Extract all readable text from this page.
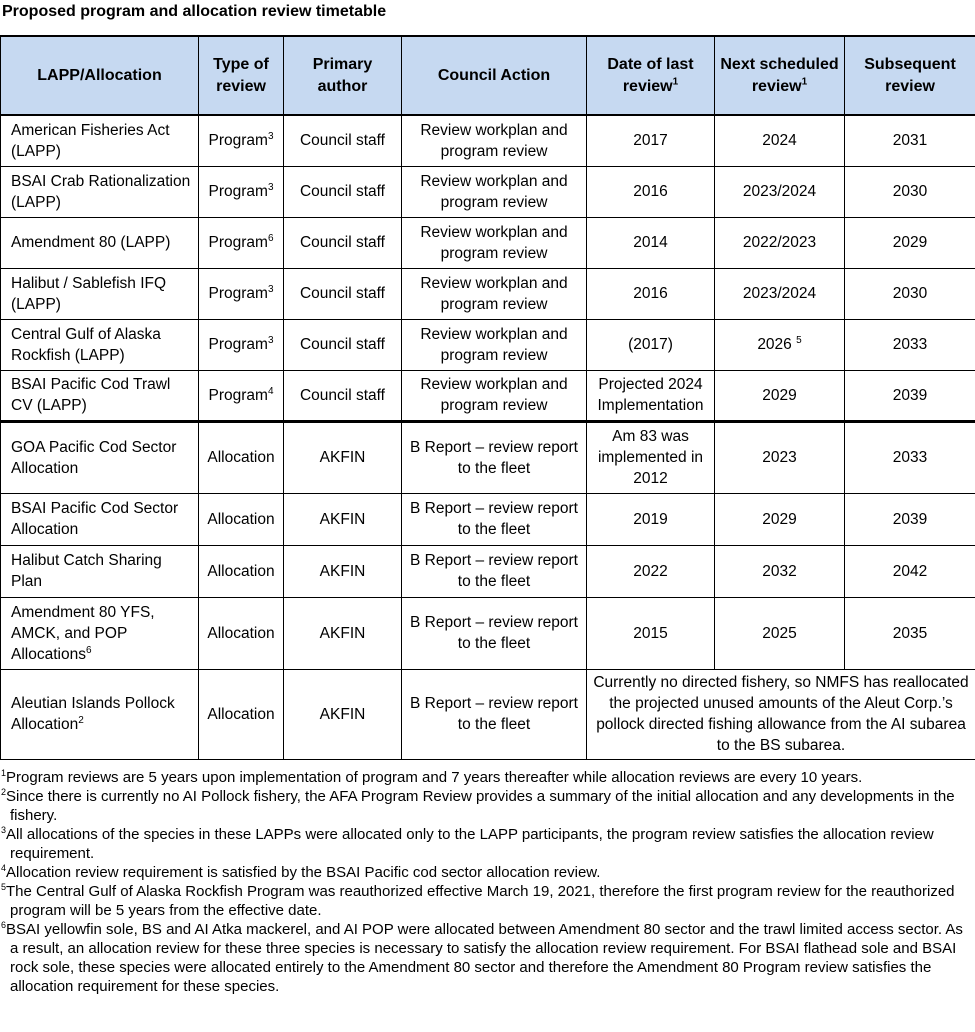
Proposed program and allocation review timetable
LAPP/Allocation	Type of review	Primary author	Council Action	Date of last review$^1$	Next scheduled review$^1$	Subsequent review
American Fisheries Act (LAPP)	Program$^3$	Council staff	Review workplan and program review	2017	2024	2031
BSAI Crab Rationalization (LAPP)	Program$^3$	Council staff	Review workplan and program review	2016	2023/2024	2030
Amendment 80 (LAPP)	Program$^6$	Council staff	Review workplan and program review	2014	2022/2023	2029
Halibut / Sablefish IFQ (LAPP)	Program$^3$	Council staff	Review workplan and program review	2016	2023/2024	2030
Central Gulf of Alaska Rockfish (LAPP)	Program$^3$	Council staff	Review workplan and program review	(2017)	2026 $^5$	2033
BSAI Pacific Cod Trawl CV (LAPP)	Program$^4$	Council staff	Review workplan and program review	Projected 2024 Implementation	2029	2039
GOA Pacific Cod Sector Allocation	Allocation	AKFIN	B Report – review report to the fleet	Am 83 was implemented in 2012	2023	2033
BSAI Pacific Cod Sector Allocation	Allocation	AKFIN	B Report – review report to the fleet	2019	2029	2039
Halibut Catch Sharing Plan	Allocation	AKFIN	B Report – review report to the fleet	2022	2032	2042
Amendment 80 YFS, AMCK, and POP Allocations$^6$	Allocation	AKFIN	B Report – review report to the fleet	2015	2025	2035
Aleutian Islands Pollock Allocation$^2$	Allocation	AKFIN	B Report – review report to the fleet	Currently no directed fishery, so NMFS has reallocated the projected unused amounts of the Aleut Corp.’s pollock directed fishing allowance from the AI subarea to the BS subarea.		
$^1$Program reviews are 5 years upon implementation of program and 7 years thereafter while allocation reviews are every 10 years.
$^2$Since there is currently no AI Pollock fishery, the AFA Program Review provides a summary of the initial allocation and any developments in the fishery.
$^3$All allocations of the species in these LAPPs were allocated only to the LAPP participants, the program review satisfies the allocation review requirement.
$^4$Allocation review requirement is satisfied by the BSAI Pacific cod sector allocation review.
$^5$The Central Gulf of Alaska Rockfish Program was reauthorized effective March 19, 2021, therefore the first program review for the reauthorized program will be 5 years from the effective date.
$^6$BSAI yellowfin sole, BS and AI Atka mackerel, and AI POP were allocated between Amendment 80 sector and the trawl limited access sector. As a result, an allocation review for these three species is necessary to satisfy the allocation review requirement. For BSAI flathead sole and BSAI rock sole, these species were allocated entirely to the Amendment 80 sector and therefore the Amendment 80 Program review satisfies the allocation requirement for these species.
